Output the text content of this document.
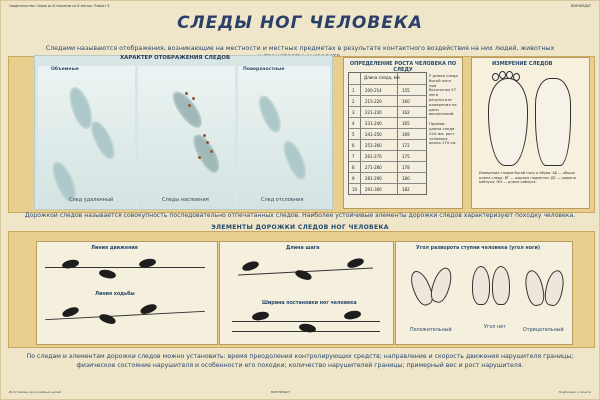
Свидетельство: Серия из 8 плакатов на 8 листах. Плакат 3.	ВОЕНИЗДАТ
СЛЕДЫ НОГ ЧЕЛОВЕКА
Следами называются отображения, возникающие на местности и местных предметах в результате контактного воздействия на них людей, животных
ХАРАКТЕР ОТОБРАЖЕНИЯ СЛЕДОВ
Объемные
След удаленный	Следы наслоения
Поверхностные
След отслоения
ОПРЕДЕЛЕНИЕ РОСТА ЧЕЛОВЕКА ПО СЛЕДУ
Длина следа, мм
1	200-214	155
2	215-220	160
3	221-230	162
4	231-240	165
5	241-250	169
6	251-260	172
7	261-270	175
8	271-280	178
9	281-290	180
10 291-300	182
Р длина следа босой ноги при босоногом 27 мм в результате измерения не дало вычислений.
Пример: длина следа 244 мм, рост человека около 170 см.
ИЗМЕРЕНИЕ СЛЕДОВ
Измерение следов босой ноги и обуви: АБ — общая длина следа; ВГ — ширина подметки; ДЕ — ширина каблука; ЖЗ — длина каблука.
Дорожкой следов называется совокупность последовательно отпечатанных следов. Наиболее устойчивые элементы дорожки следов характеризуют походку человека.
ЭЛЕМЕНТЫ ДОРОЖКИ СЛЕДОВ НОГ ЧЕЛОВЕКА
Линия движения
Линия ходьбы
Длина шага
Ширина постановки ног человека
Угол разворота ступни человека (угол ноги)
Положительный
Угол нет
Отрицательный
По следам и элементам дорожки следов можно установить: время преодоления контролирующих средств; направление и скорость движения нарушителя границы; физическое состояние нарушителя и особенности его походки; количество нарушителей границы; примерный вес и рост нарушителя.
Изготовлено для учебных целей	ВОЕНИЗДАТ	Подписано к печати
